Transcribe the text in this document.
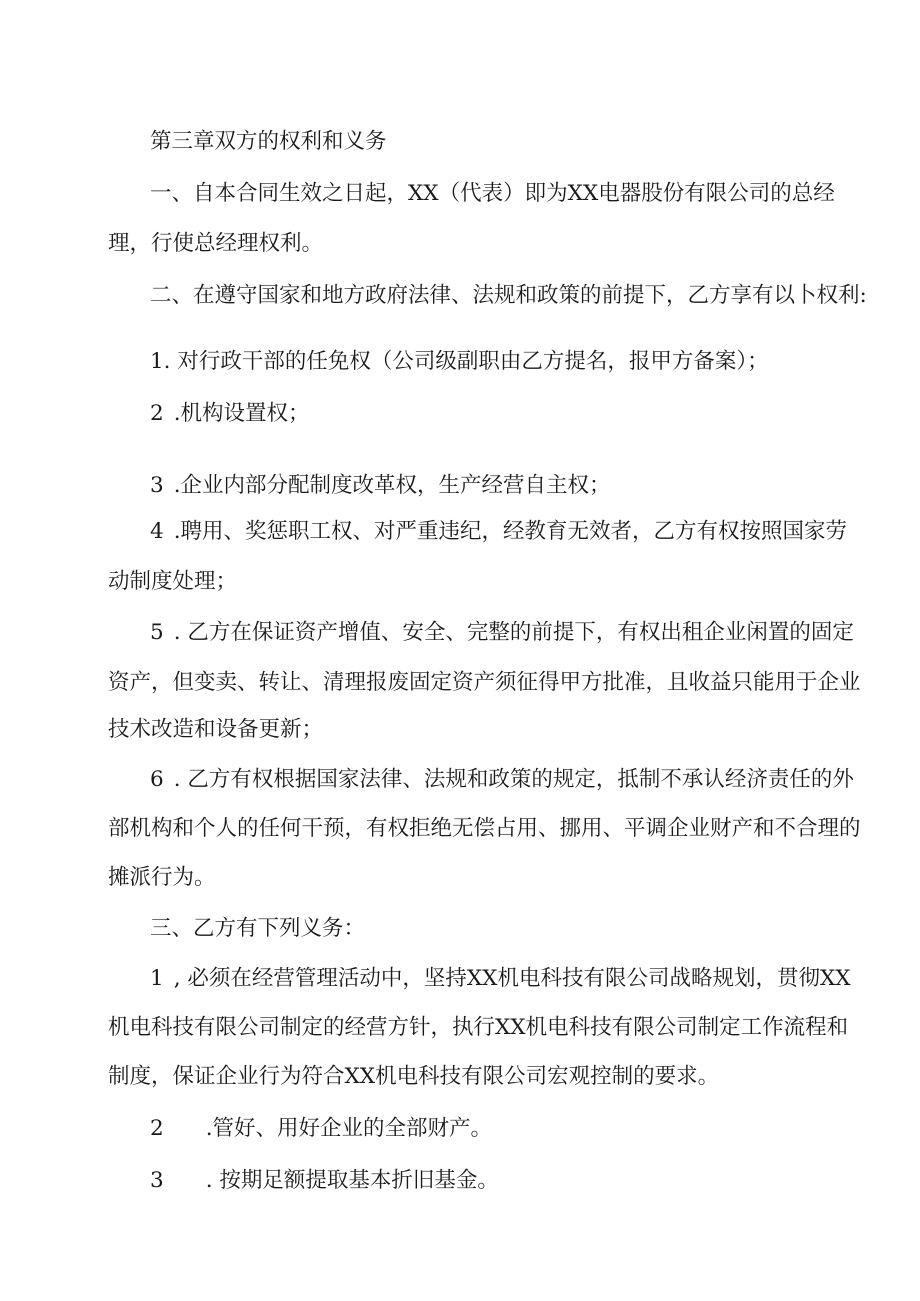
第三章双方的权利和义务
一、自本合同生效之日起，XX（代表）即为XX电器股份有限公司的总经
理，行使总经理权利。
二、在遵守国家和地方政府法律、法规和政策的前提下，乙方享有以卜权利:
1. 对行政干部的任免权（公司级副职由乙方提名，报甲方备案）；
2 .机构设置权；
3 .企业内部分配制度改革权，生产经营自主权；
4 .聘用、奖惩职工权、对严重违纪，经教育无效者，乙方有权按照国家劳
动制度处理；
5 . 乙方在保证资产增值、安全、完整的前提下，有权出租企业闲置的固定
资产，但变卖、转让、清理报废固定资产须征得甲方批准，且收益只能用于企业
技术改造和设备更新；
6 . 乙方有权根据国家法律、法规和政策的规定，抵制不承认经济责任的外
部机构和个人的任何干预，有权拒绝无偿占用、挪用、平调企业财产和不合理的
摊派行为。
三、乙方有下列义务：
1 , 必须在经营管理活动中，坚持XX机电科技有限公司战略规划，贯彻XX
机电科技有限公司制定的经营方针，执行XX机电科技有限公司制定工作流程和
制度，保证企业行为符合XX机电科技有限公司宏观控制的要求。
2 .管好、用好企业的全部财产。
3 . 按期足额提取基本折旧基金。
